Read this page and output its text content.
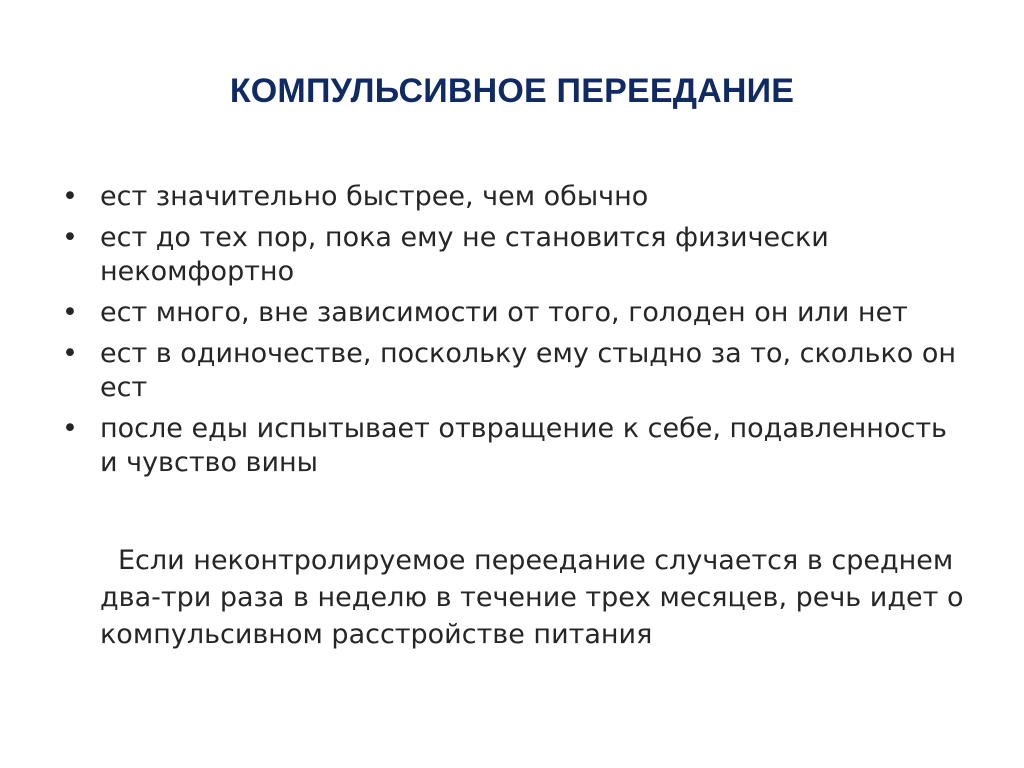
КОМПУЛЬСИВНОЕ ПЕРЕЕДАНИЕ
• ест значительно быстрее, чем обычно
• ест до тех пор, пока ему не становится физически некомфортно
• ест много, вне зависимости от того, голоден он или нет
• ест в одиночестве, поскольку ему стыдно за то, сколько он ест
• после еды испытывает отвращение к себе, подавленность и чувство вины
Если неконтролируемое переедание случается в среднем два-три раза в неделю в течение трех месяцев, речь идет о компульсивном расстройстве питания
